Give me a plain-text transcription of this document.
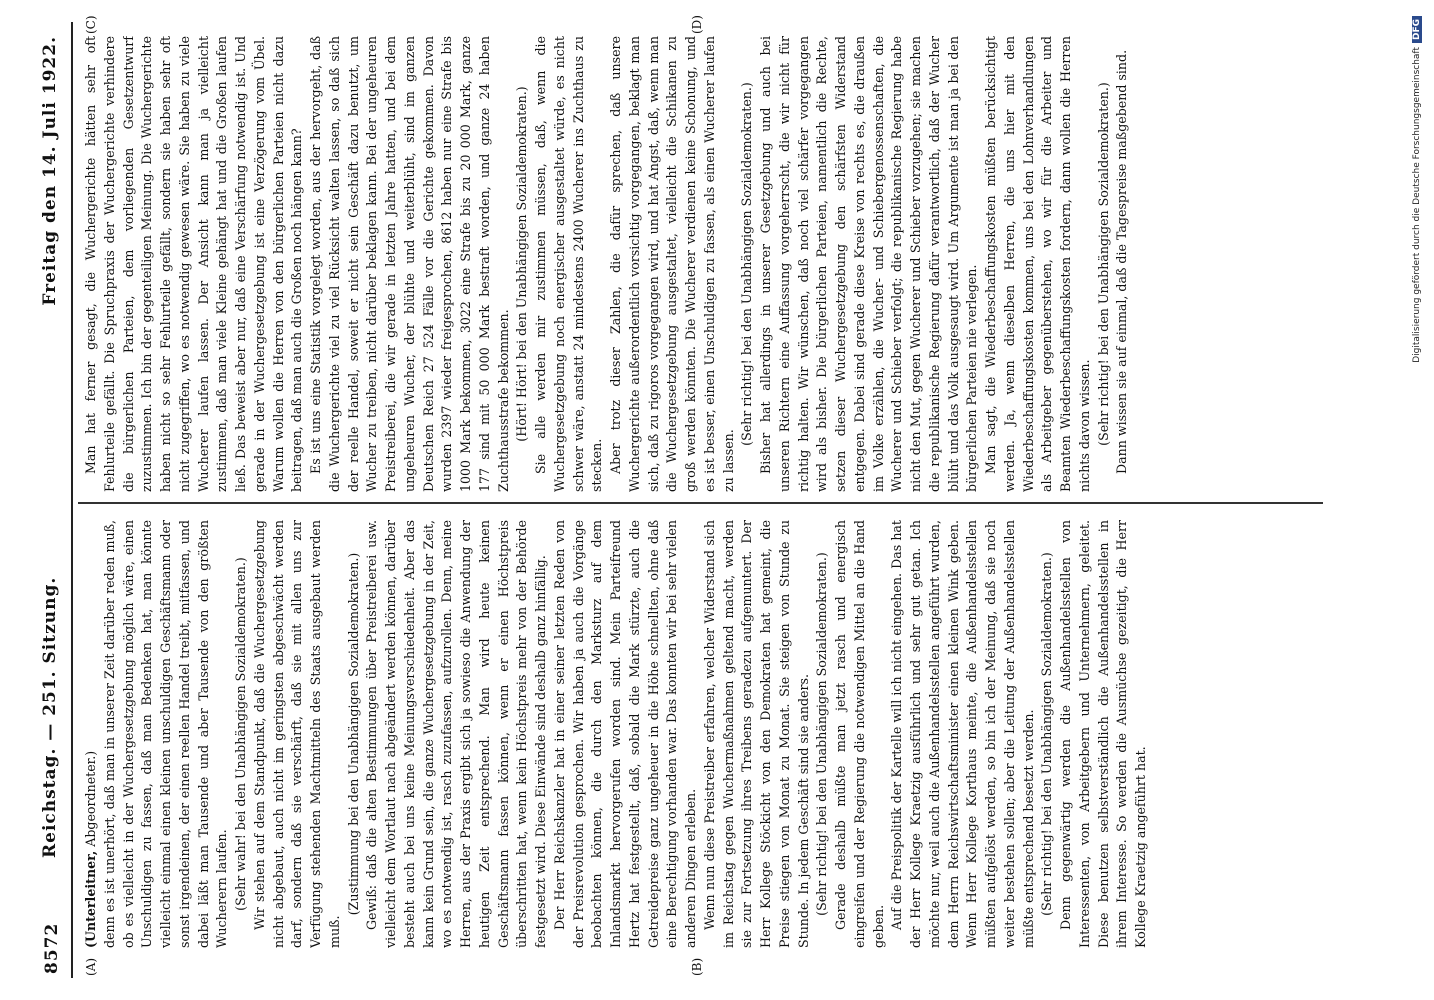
8572
Reichstag. — 251. Sitzung.
Freitag den 14. Juli 1922.
(A)	(B)
(C)	(D)

(Unterleitner, Abgeordneter.) denn es ist unerhört, daß man in unserer Zeit darüber reden muß, ob es vielleicht in der Wuchergesetzgebung möglich wäre, einen Unschuldigen zu fassen, daß man Bedenken hat, man könnte vielleicht einmal einen kleinen unschuldigen Geschäftsmann oder sonst irgendeinen, der einen reellen Handel treibt, mitfassen, und dabei läßt man Tausende und aber Tausende von den größten Wucherern laufen. (Sehr wahr! bei den Unabhängigen Sozialdemokraten.) Wir stehen auf dem Standpunkt, daß die Wuchergesetzgebung nicht abgebaut, auch nicht im geringsten abgeschwächt werden darf, sondern daß sie verschärft, daß sie mit allen uns zur Verfügung stehenden Machtmitteln des Staats ausgebaut werden muß.

(Zustimmung bei den Unabhängigen Sozialdemokraten.) Gewiß: daß die alten Bestimmungen über Preistreiberei usw. vielleicht dem Wortlaut nach abgeändert werden können, darüber besteht auch bei uns keine Meinungsverschiedenheit. Aber das kann kein Grund sein, die ganze Wuchergesetzgebung in der Zeit, wo es notwendig ist, rasch zuzufassen, aufzurollen. Denn, meine Herren, aus der Praxis ergibt sich ja sowieso die Anwendung der heutigen Zeit entsprechend. Man wird heute keinen Geschäftsmann fassen können, wenn er einen Höchstpreis überschritten hat, wenn kein Höchstpreis mehr von der Behörde festgesetzt wird. Diese Einwände sind deshalb ganz hinfällig. Der Herr Reichskanzler hat in einer seiner letzten Reden von der Preisrevolution gesprochen. Wir haben ja auch die Vorgänge beobachten können, die durch den Marksturz auf dem Inlandsmarkt hervorgerufen worden sind. Mein Parteifreund Hertz hat festgestellt, daß, sobald die Mark stürzte, auch die Getreidepreise ganz ungeheuer in die Höhe schnellten, ohne daß eine Berechtigung vorhanden war. Das konnten wir bei sehr vielen anderen Dingen erleben. Wenn nun diese Preistreiber erfahren, welcher Widerstand sich im Reichstag gegen Wuchermaßnahmen geltend macht, werden sie zur Fortsetzung ihres Treibens geradezu aufgemuntert. Der Herr Kollege Stöckicht von den Demokraten hat gemeint, die Preise stiegen von Monat zu Monat. Sie steigen von Stunde zu Stunde. In jedem Geschäft sind sie anders. (Sehr richtig! bei den Unabhängigen Sozialdemokraten.) Gerade deshalb müßte man jetzt rasch und energisch eingreifen und der Regierung die notwendigen Mittel an die Hand geben. Auf die Preispolitik der Kartelle will ich nicht eingehen. Das hat der Herr Kollege Kraetzig ausführlich und sehr gut getan. Ich möchte nur, weil auch die Außenhandelsstellen angeführt wurden, dem Herrn Reichswirtschaftsminister einen kleinen Wink geben. Wenn Herr Kollege Korthaus meinte, die Außenhandelsstellen müßten aufgelöst werden, so bin ich der Meinung, daß sie noch weiter bestehen sollen; aber die Leitung der Außenhandelsstellen müßte entsprechend besetzt werden. (Sehr richtig! bei den Unabhängigen Sozialdemokraten.) Denn gegenwärtig werden die Außenhandelsstellen von Interessenten, von Arbeitgebern und Unternehmern, geleitet. Diese benutzen selbstverständlich die Außenhandelsstellen in ihrem Interesse. So werden die Ausmüchse gezeitigt, die Herr Kollege Kraetzig angeführt hat.

Man hat ferner gesagt, die Wuchergerichte hätten sehr oft Fehlurteile gefällt. Die Spruchpraxis der Wuchergerichte verhindere die bürgerlichen Parteien, dem vorliegenden Gesetzentwurf zuzustimmen. Ich bin der gegenteiligen Meinung. Die Wuchergerichte haben nicht so sehr Fehlurteile gefällt, sondern sie haben sehr oft nicht zugegriffen, wo es notwendig gewesen wäre. Sie haben zu viele Wucherer laufen lassen. Der Ansicht kann man ja vielleicht zustimmen, daß man viele Kleine gehängt hat und die Großen laufen ließ. Das beweist aber nur, daß eine Verschärfung notwendig ist. Und gerade in der Wuchergesetzgebung ist eine Verzögerung vom Übel. Warum wollen die Herren von den bürgerlichen Parteien nicht dazu beitragen, daß man auch die Großen noch hängen kann? Es ist uns eine Statistik vorgelegt worden, aus der hervorgeht, daß die Wuchergerichte viel zu viel Rücksicht walten lassen, so daß sich der reelle Handel, soweit er nicht sein Geschäft dazu benutzt, um Wucher zu treiben, nicht darüber beklagen kann. Bei der ungeheuren Preistreiberei, die wir gerade in letzten Jahre hatten, und bei dem ungeheuren Wucher, der blühte und weiterblüht, sind im ganzen Deutschen Reich 27 524 Fälle vor die Gerichte gekommen. Davon wurden 2397 wieder freigesprochen, 8612 haben nur eine Strafe bis 1000 Mark bekommen, 3022 eine Strafe bis zu 20 000 Mark, ganze 177 sind mit 50 000 Mark bestraft worden, und ganze 24 haben Zuchthausstrafe bekommen. (Hört! Hört! bei den Unabhängigen Sozialdemokraten.) Sie alle werden mir zustimmen müssen, daß, wenn die Wuchergesetzgebung noch energischer ausgestaltet würde, es nicht schwer wäre, anstatt 24 mindestens 2400 Wucherer ins Zuchthaus zu stecken. Aber trotz dieser Zahlen, die dafür sprechen, daß unsere Wuchergerichte außerordentlich vorsichtig vorgegangen, beklagt man sich, daß zu rigoros vorgegangen wird, und hat Angst, daß, wenn man die Wuchergesetzgebung ausgestaltet, vielleicht die Schikanen zu groß werden könnten. Die Wucherer verdienen keine Schonung, und es ist besser, einen Unschuldigen zu fassen, als einen Wucherer laufen zu lassen.

(Sehr richtig! bei den Unabhängigen Sozialdemokraten.) Bisher hat allerdings in unserer Gesetzgebung und auch bei unseren Richtern eine Auffassung vorgeherrscht, die wir nicht für richtig halten. Wir wünschen, daß noch viel schärfer vorgegangen wird als bisher. Die bürgerlichen Parteien, namentlich die Rechte, setzen dieser Wuchergesetzgebung den schärfsten Widerstand entgegen. Dabei sind gerade diese Kreise von rechts es, die draußen im Volke erzählen, die Wucher- und Schiebergenossenschaften, die Wucherer und Schieber verfolgt; die republikanische Regierung habe nicht den Mut, gegen Wucherer und Schieber vorzugehen; sie machen die republikanische Regierung dafür verantwortlich, daß der Wucher blüht und das Volk ausgesaugt wird. Um Argumente ist man ja bei den bürgerlichen Parteien nie verlegen. Man sagt, die Wiederbeschaffungskosten müßten berücksichtigt werden. Ja, wenn dieselben Herren, die uns hier mit den Wiederbeschaffungskosten kommen, uns bei den Lohnverhandlungen als Arbeitgeber gegenüberstehen, wo wir für die Arbeiter und Beamten Wiederbeschaffungskosten fordern, dann wollen die Herren nichts davon wissen. (Sehr richtig! bei den Unabhängigen Sozialdemokraten.) Dann wissen sie auf einmal, daß die Tagespreise maßgebend sind.	Digitalisierung gefördert durch die Deutsche ForschungsgemeinschaftDFG
